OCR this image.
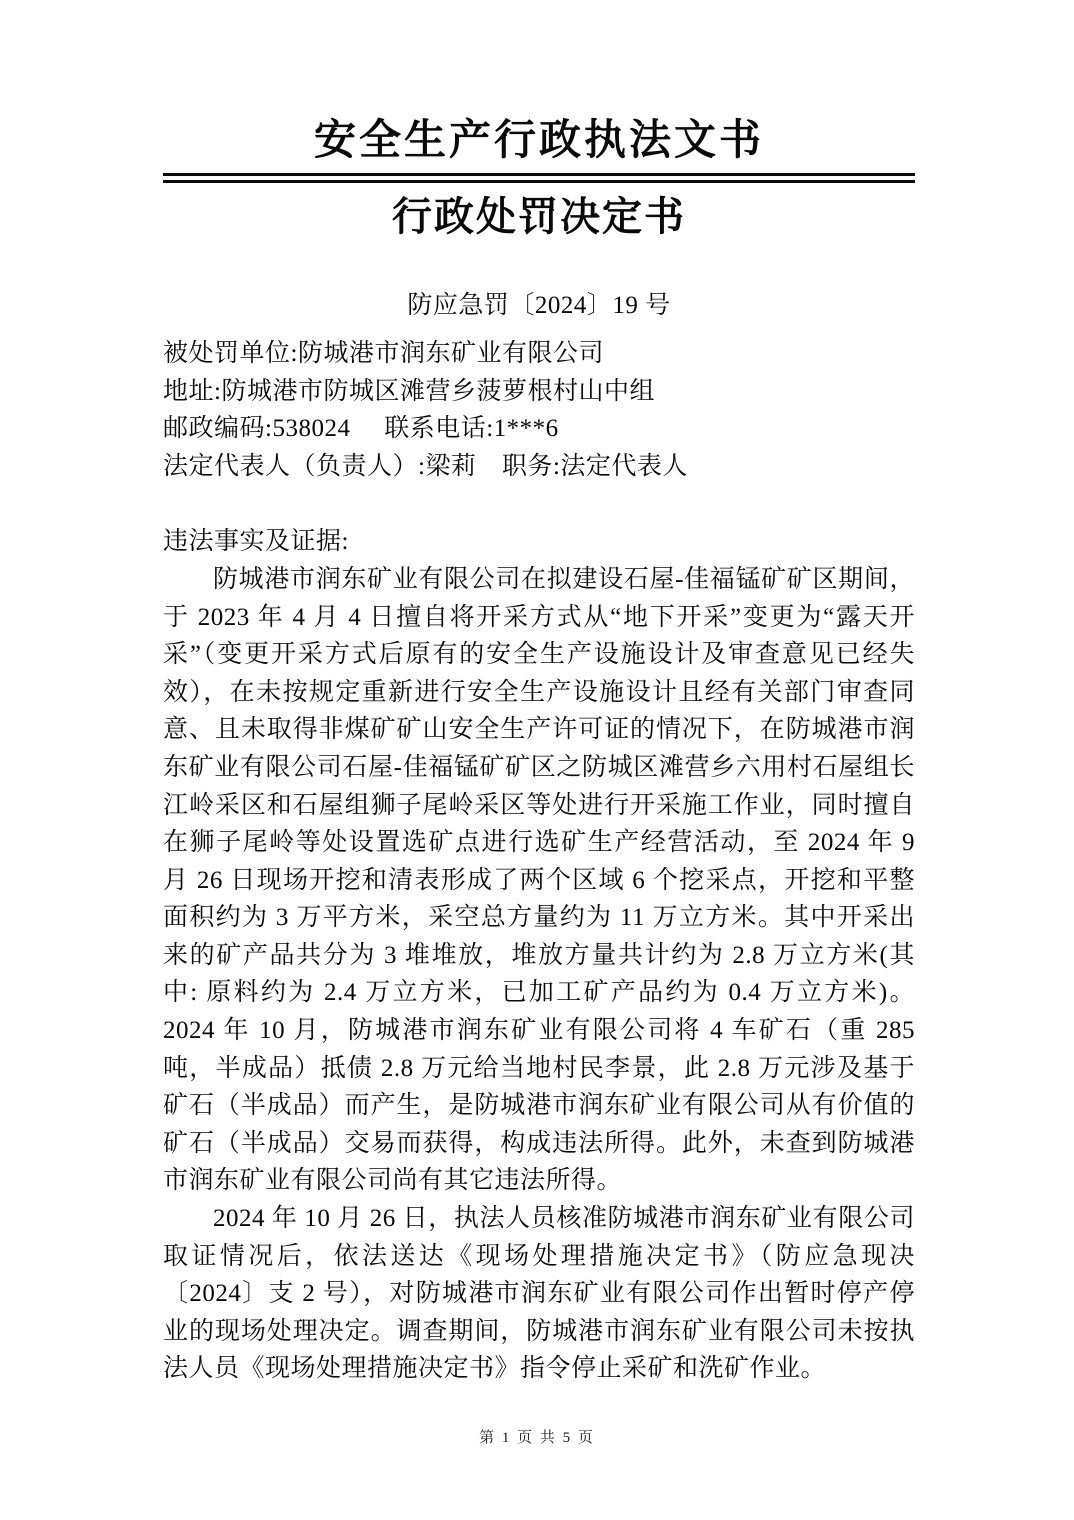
安全生产行政执法文书
行政处罚决定书
防应急罚〔2024〕19 号
被处罚单位:防城港市润东矿业有限公司
地址:防城港市防城区滩营乡菠萝根村山中组
邮政编码:538024     联系电话:1***6
法定代表人（负责人）:梁莉　职务:法定代表人
违法事实及证据:

防城港市润东矿业有限公司在拟建设石屋-佳福锰矿矿区期间，于 2023 年 4 月 4 日擅自将开采方式从“地下开采”变更为“露天开采”（变更开采方式后原有的安全生产设施设计及审查意见已经失效），在未按规定重新进行安全生产设施设计且经有关部门审查同意、且未取得非煤矿矿山安全生产许可证的情况下，在防城港市润东矿业有限公司石屋-佳福锰矿矿区之防城区滩营乡六用村石屋组长江岭采区和石屋组狮子尾岭采区等处进行开采施工作业，同时擅自在狮子尾岭等处设置选矿点进行选矿生产经营活动，至 2024 年 9 月 26 日现场开挖和清表形成了两个区域 6 个挖采点，开挖和平整面积约为 3 万平方米，采空总方量约为 11 万立方米。其中开采出来的矿产品共分为 3 堆堆放，堆放方量共计约为 2.8 万立方米(其中: 原料约为 2.4 万立方米，已加工矿产品约为 0.4 万立方米)。2024 年 10 月，防城港市润东矿业有限公司将 4 车矿石（重 285 吨，半成品）抵债 2.8 万元给当地村民李景，此 2.8 万元涉及基于矿石（半成品）而产生，是防城港市润东矿业有限公司从有价值的矿石（半成品）交易而获得，构成违法所得。此外，未查到防城港市润东矿业有限公司尚有其它违法所得。

2024 年 10 月 26 日，执法人员核准防城港市润东矿业有限公司取证情况后，依法送达《现场处理措施决定书》（防应急现决〔2024〕支 2 号），对防城港市润东矿业有限公司作出暂时停产停业的现场处理决定。调查期间，防城港市润东矿业有限公司未按执法人员《现场处理措施决定书》指令停止采矿和洗矿作业。

第 1 页 共 5 页
